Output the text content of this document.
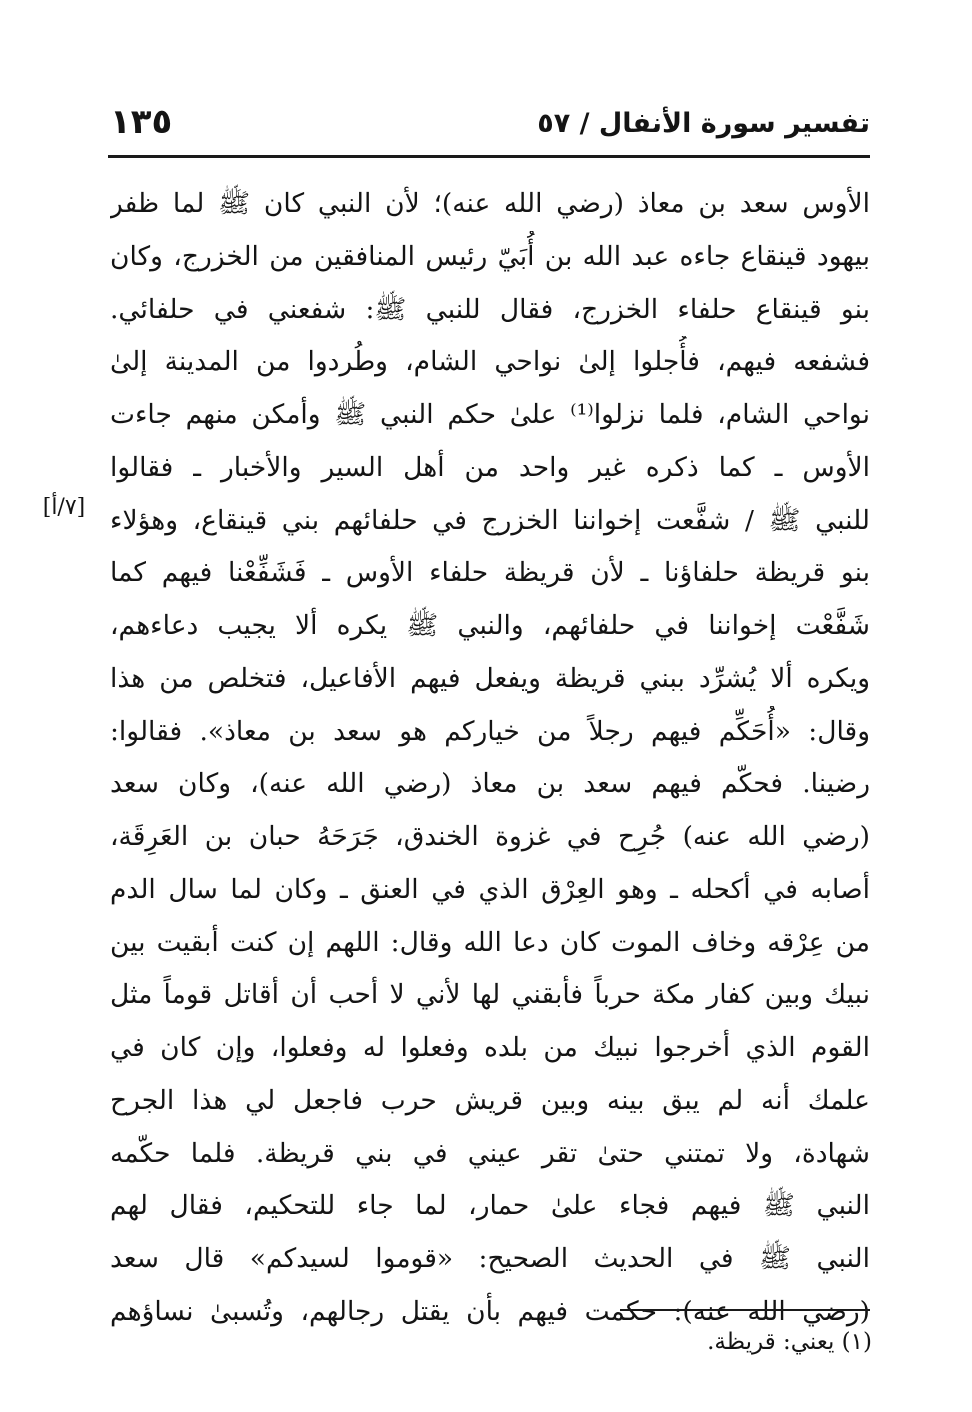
تفسير سورة الأنفال / ٥٧
١٣٥
الأوس سعد بن معاذ (رضي الله عنه)؛ لأن النبي كان ﷺ لما ظفر
بيهود قينقاع جاءه عبد الله بن أُبَيّ رئيس المنافقين من الخزرج، وكان
بنو قينقاع حلفاء الخزرج، فقال للنبي ﷺ: شفعني في حلفائي.
فشفعه فيهم، فأُجلوا إلىٰ نواحي الشام، وطُردوا من المدينة إلىٰ
نواحي الشام، فلما نزلوا⁽¹⁾ علىٰ حكم النبي ﷺ وأمكن منهم جاءت
الأوس ـ كما ذكره غير واحد من أهل السير والأخبار ـ فقالوا
للنبي ﷺ / شفَّعت إخواننا الخزرج في حلفائهم بني قينقاع، وهؤلاء
بنو قريظة حلفاؤنا ـ لأن قريظة حلفاء الأوس ـ فَشَفِّعْنا فيهم كما
شَفَّعْت إخواننا في حلفائهم، والنبي ﷺ يكره ألا يجيب دعاءهم،
ويكره ألا يُشرِّد ببني قريظة ويفعل فيهم الأفاعيل، فتخلص من هذا
وقال: «أُحَكِّم فيهم رجلاً من خياركم هو سعد بن معاذ». فقالوا:
رضينا. فحكّم فيهم سعد بن معاذ (رضي الله عنه)، وكان سعد
(رضي الله عنه) جُرِح في غزوة الخندق، جَرَحَهُ حبان بن العَرِقَة،
أصابه في أكحله ـ وهو العِرْق الذي في العنق ـ وكان لما سال الدم
من عِرْقه وخاف الموت كان دعا الله وقال: اللهم إن كنت أبقيت بين
نبيك وبين كفار مكة حرباً فأبقني لها لأني لا أحب أن أقاتل قوماً مثل
القوم الذي أخرجوا نبيك من بلده وفعلوا له وفعلوا، وإن كان في
علمك أنه لم يبق بينه وبين قريش حرب فاجعل لي هذا الجرح
شهادة، ولا تمتني حتىٰ تقر عيني في بني قريظة. فلما حكّمه
النبي ﷺ فيهم فجاء علىٰ حمار، لما جاء للتحكيم، فقال لهم
النبي ﷺ في الحديث الصحيح: «قوموا لسيدكم» قال سعد
(رضي الله عنه): حكمت فيهم بأن يقتل رجالهم، وتُسبىٰ نساؤهم
[٧/أ]
(١) يعني: قريظة.
